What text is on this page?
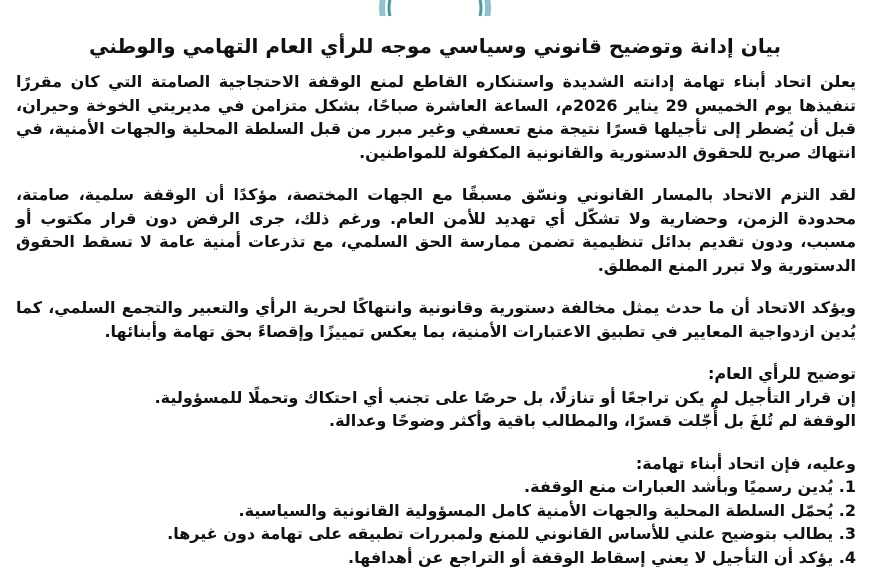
بيان إدانة وتوضيح قانوني وسياسي موجه للرأي العام التهامي والوطني

يعلن اتحاد أبناء تهامة إدانته الشديدة واستنكاره القاطع لمنع الوقفة الاحتجاجية الصامتة التي كان مقررًا تنفيذها يوم الخميس 29 يناير 2026م، الساعة العاشرة صباحًا، بشكل متزامن في مديريتي الخوخة وحيران، قبل أن يُضطر إلى تأجيلها قسرًا نتيجة منع تعسفي وغير مبرر من قبل السلطة المحلية والجهات الأمنية، في انتهاك صريح للحقوق الدستورية والقانونية المكفولة للمواطنين.

لقد التزم الاتحاد بالمسار القانوني ونسّق مسبقًا مع الجهات المختصة، مؤكدًا أن الوقفة سلمية، صامتة، محدودة الزمن، وحضارية ولا تشكّل أي تهديد للأمن العام. ورغم ذلك، جرى الرفض دون قرار مكتوب أو مسبب، ودون تقديم بدائل تنظيمية تضمن ممارسة الحق السلمي، مع تذرعات أمنية عامة لا تسقط الحقوق الدستورية ولا تبرر المنع المطلق.

ويؤكد الاتحاد أن ما حدث يمثل مخالفة دستورية وقانونية وانتهاكًا لحرية الرأي والتعبير والتجمع السلمي، كما يُدين ازدواجية المعايير في تطبيق الاعتبارات الأمنية، بما يعكس تمييزًا وإقصاءً بحق تهامة وأبنائها.

توضيح للرأي العام:

إن قرار التأجيل لم يكن تراجعًا أو تنازلًا، بل حرصًا على تجنب أي احتكاك وتحملًا للمسؤولية.

الوقفة لم تُلغَ بل أُجّلت قسرًا، والمطالب باقية وأكثر وضوحًا وعدالة.

وعليه، فإن اتحاد أبناء تهامة:

1. يُدين رسميًا وبأشد العبارات منع الوقفة.
2. يُحمّل السلطة المحلية والجهات الأمنية كامل المسؤولية القانونية والسياسية.
3. يطالب بتوضيح علني للأساس القانوني للمنع ولمبررات تطبيقه على تهامة دون غيرها.
4. يؤكد أن التأجيل لا يعني إسقاط الوقفة أو التراجع عن أهدافها.
